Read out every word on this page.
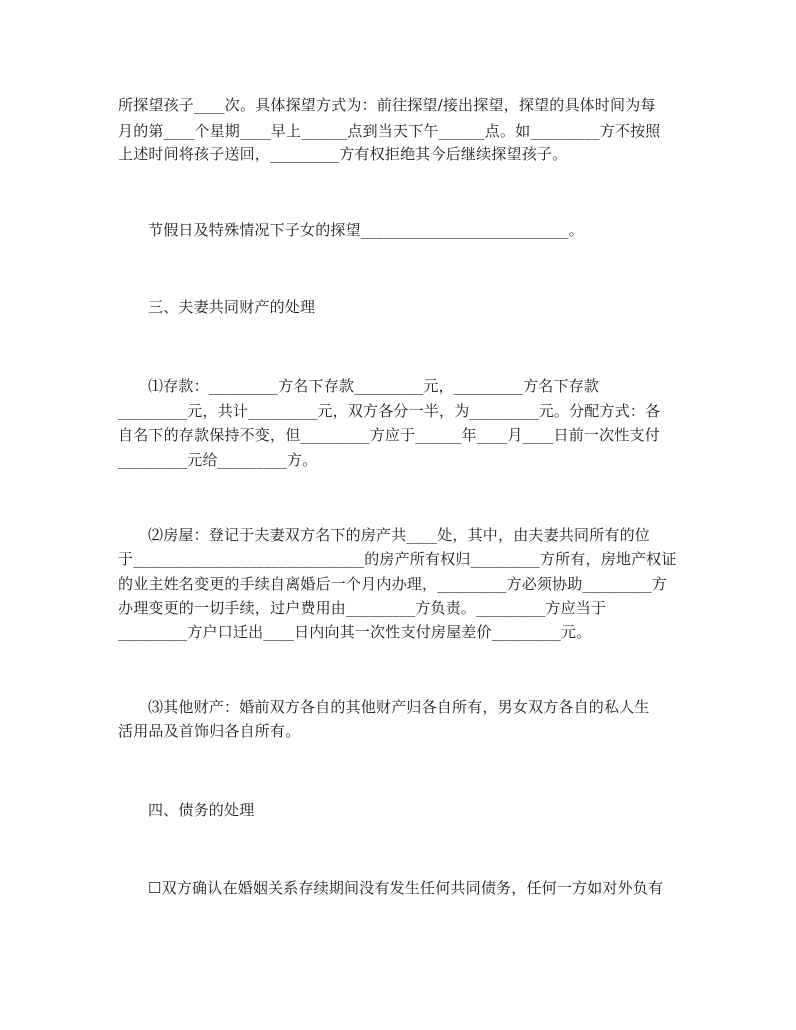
所探望孩子____次。具体探望方式为：前往探望/接出探望，探望的具体时间为每
月的第____个星期____早上______点到当天下午______点。如_________方不按照
上述时间将孩子送回，_________方有权拒绝其今后继续探望孩子。
节假日及特殊情况下子女的探望___________________________。
三、夫妻共同财产的处理
⑴存款：_________方名下存款_________元，_________方名下存款
_________元，共计_________元，双方各分一半，为_________元。分配方式：各
自名下的存款保持不变，但_________方应于______年____月____日前一次性支付
_________元给_________方。
⑵房屋：登记于夫妻双方名下的房产共____处，其中，由夫妻共同所有的位
于______________________________的房产所有权归_________方所有，房地产权证
的业主姓名变更的手续自离婚后一个月内办理，_________方必须协助_________方
办理变更的一切手续，过户费用由_________方负责。_________方应当于
_________方户口迁出____日内向其一次性支付房屋差价_________元。
⑶其他财产：婚前双方各自的其他财产归各自所有，男女双方各自的私人生
活用品及首饰归各自所有。
四、债务的处理
☐双方确认在婚姻关系存续期间没有发生任何共同债务，任何一方如对外负有
